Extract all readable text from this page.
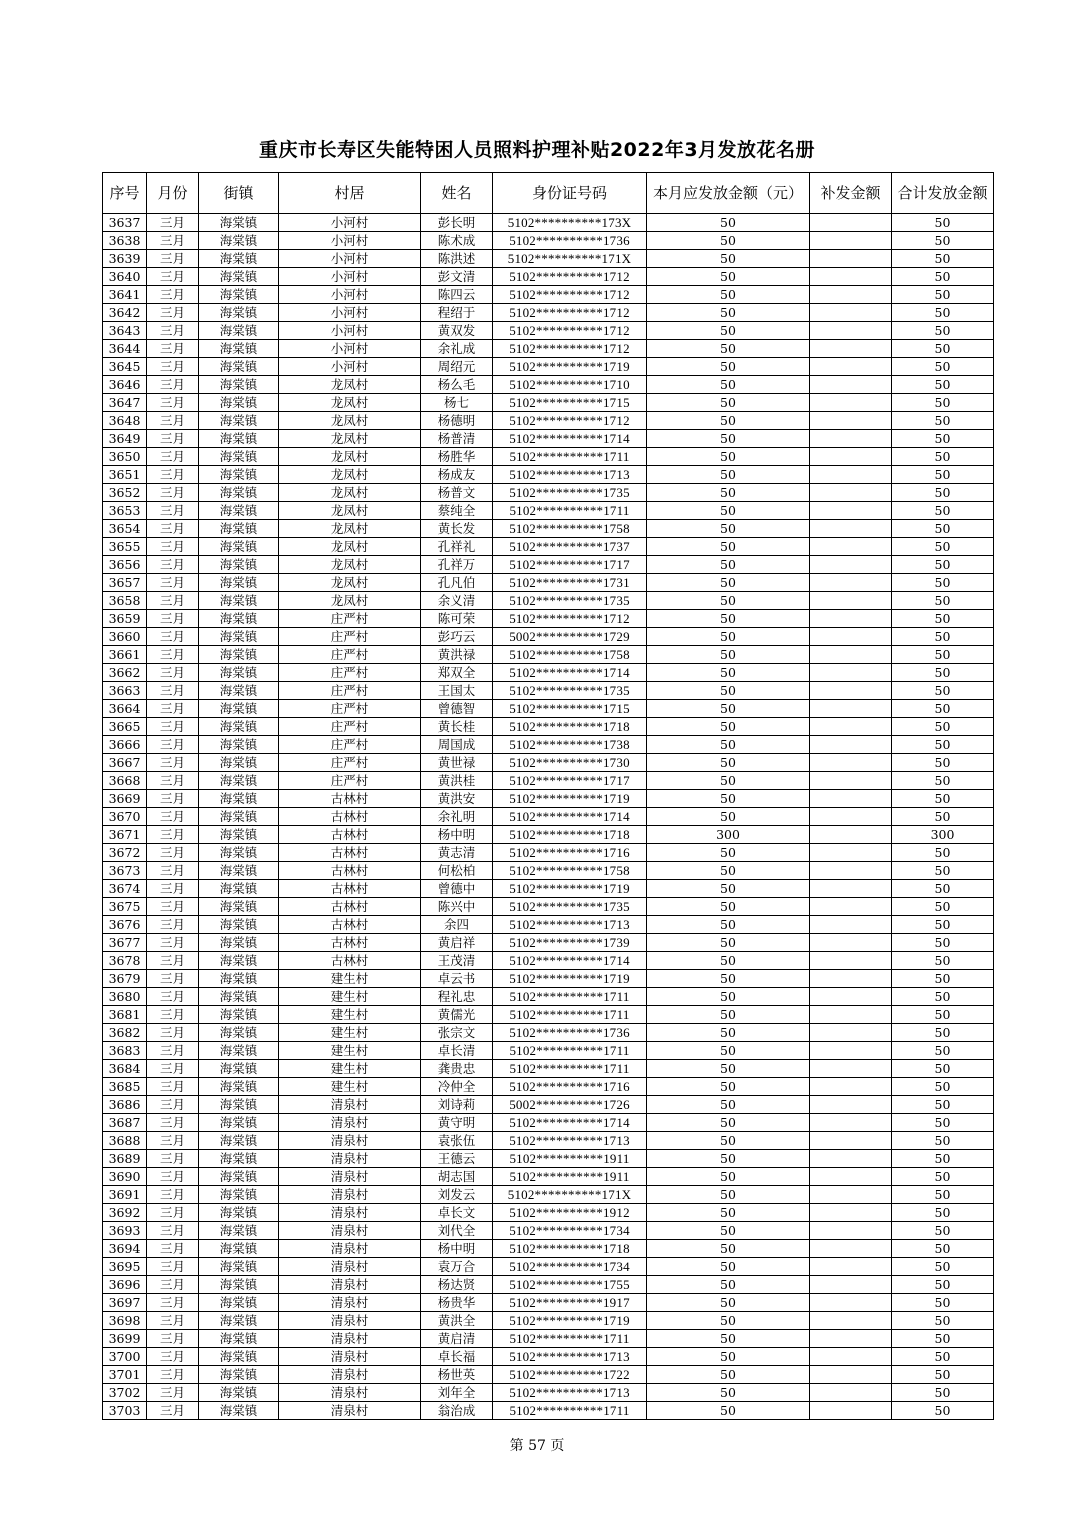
重庆市长寿区失能特困人员照料护理补贴2022年3月发放花名册
序号	月份	街镇	村居	姓名	身份证号码	本月应发放金额（元）	补发金额	合计发放金额
3637	三月	海棠镇	小河村	彭长明	5102**********173X	50		50
3638	三月	海棠镇	小河村	陈术成	5102**********1736	50		50
3639	三月	海棠镇	小河村	陈洪述	5102**********171X	50		50
3640	三月	海棠镇	小河村	彭文清	5102**********1712	50		50
3641	三月	海棠镇	小河村	陈四云	5102**********1712	50		50
3642	三月	海棠镇	小河村	程绍于	5102**********1712	50		50
3643	三月	海棠镇	小河村	黄双发	5102**********1712	50		50
3644	三月	海棠镇	小河村	余礼成	5102**********1712	50		50
3645	三月	海棠镇	小河村	周绍元	5102**********1719	50		50
3646	三月	海棠镇	龙凤村	杨么毛	5102**********1710	50		50
3647	三月	海棠镇	龙凤村	杨七	5102**********1715	50		50
3648	三月	海棠镇	龙凤村	杨德明	5102**********1712	50		50
3649	三月	海棠镇	龙凤村	杨普清	5102**********1714	50		50
3650	三月	海棠镇	龙凤村	杨胜华	5102**********1711	50		50
3651	三月	海棠镇	龙凤村	杨成友	5102**********1713	50		50
3652	三月	海棠镇	龙凤村	杨普文	5102**********1735	50		50
3653	三月	海棠镇	龙凤村	蔡纯全	5102**********1711	50		50
3654	三月	海棠镇	龙凤村	黄长发	5102**********1758	50		50
3655	三月	海棠镇	龙凤村	孔祥礼	5102**********1737	50		50
3656	三月	海棠镇	龙凤村	孔祥万	5102**********1717	50		50
3657	三月	海棠镇	龙凤村	孔凡伯	5102**********1731	50		50
3658	三月	海棠镇	龙凤村	余义清	5102**********1735	50		50
3659	三月	海棠镇	庄严村	陈可荣	5102**********1712	50		50
3660	三月	海棠镇	庄严村	彭巧云	5002**********1729	50		50
3661	三月	海棠镇	庄严村	黄洪禄	5102**********1758	50		50
3662	三月	海棠镇	庄严村	郑双全	5102**********1714	50		50
3663	三月	海棠镇	庄严村	王国太	5102**********1735	50		50
3664	三月	海棠镇	庄严村	曾德智	5102**********1715	50		50
3665	三月	海棠镇	庄严村	黄长桂	5102**********1718	50		50
3666	三月	海棠镇	庄严村	周国成	5102**********1738	50		50
3667	三月	海棠镇	庄严村	黄世禄	5102**********1730	50		50
3668	三月	海棠镇	庄严村	黄洪桂	5102**********1717	50		50
3669	三月	海棠镇	古林村	黄洪安	5102**********1719	50		50
3670	三月	海棠镇	古林村	余礼明	5102**********1714	50		50
3671	三月	海棠镇	古林村	杨中明	5102**********1718	300		300
3672	三月	海棠镇	古林村	黄志清	5102**********1716	50		50
3673	三月	海棠镇	古林村	何松柏	5102**********1758	50		50
3674	三月	海棠镇	古林村	曾德中	5102**********1719	50		50
3675	三月	海棠镇	古林村	陈兴中	5102**********1735	50		50
3676	三月	海棠镇	古林村	余四	5102**********1713	50		50
3677	三月	海棠镇	古林村	黄启祥	5102**********1739	50		50
3678	三月	海棠镇	古林村	王茂清	5102**********1714	50		50
3679	三月	海棠镇	建生村	卓云书	5102**********1719	50		50
3680	三月	海棠镇	建生村	程礼忠	5102**********1711	50		50
3681	三月	海棠镇	建生村	黄儒光	5102**********1711	50		50
3682	三月	海棠镇	建生村	张宗文	5102**********1736	50		50
3683	三月	海棠镇	建生村	卓长清	5102**********1711	50		50
3684	三月	海棠镇	建生村	龚贵忠	5102**********1711	50		50
3685	三月	海棠镇	建生村	冷仲全	5102**********1716	50		50
3686	三月	海棠镇	清泉村	刘诗莉	5002**********1726	50		50
3687	三月	海棠镇	清泉村	黄守明	5102**********1714	50		50
3688	三月	海棠镇	清泉村	袁张伍	5102**********1713	50		50
3689	三月	海棠镇	清泉村	王德云	5102**********1911	50		50
3690	三月	海棠镇	清泉村	胡志国	5102**********1911	50		50
3691	三月	海棠镇	清泉村	刘发云	5102**********171X	50		50
3692	三月	海棠镇	清泉村	卓长文	5102**********1912	50		50
3693	三月	海棠镇	清泉村	刘代全	5102**********1734	50		50
3694	三月	海棠镇	清泉村	杨中明	5102**********1718	50		50
3695	三月	海棠镇	清泉村	袁万合	5102**********1734	50		50
3696	三月	海棠镇	清泉村	杨达贤	5102**********1755	50		50
3697	三月	海棠镇	清泉村	杨贵华	5102**********1917	50		50
3698	三月	海棠镇	清泉村	黄洪全	5102**********1719	50		50
3699	三月	海棠镇	清泉村	黄启清	5102**********1711	50		50
3700	三月	海棠镇	清泉村	卓长福	5102**********1713	50		50
3701	三月	海棠镇	清泉村	杨世英	5102**********1722	50		50
3702	三月	海棠镇	清泉村	刘年全	5102**********1713	50		50
3703	三月	海棠镇	清泉村	翁治成	5102**********1711	50		50
第 57 页
